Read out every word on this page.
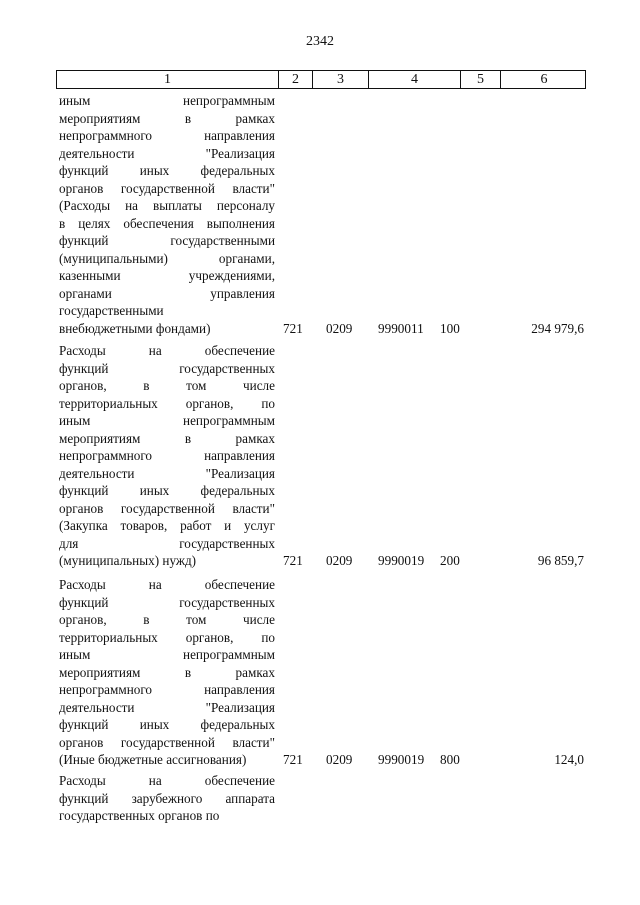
2342
1	2	3	4	5	6
иным непрограммным
мероприятиям в рамках
непрограммного направления
деятельности "Реализация
функций иных федеральных
органов государственной власти"
(Расходы на выплаты персоналу
в целях обеспечения выполнения
функций государственными
(муниципальными) органами,
казенными учреждениями,
органами управления
государственными
внебюджетными фондами)	721 0209 9990011 100	294 979,6
Расходы на обеспечение
функций государственных
органов, в том числе
территориальных органов, по
иным непрограммным
мероприятиям в рамках
непрограммного направления
деятельности "Реализация
функций иных федеральных
органов государственной власти"
(Закупка товаров, работ и услуг
для государственных
(муниципальных) нужд)	721 0209 9990019 200	96 859,7
Расходы на обеспечение
функций государственных
органов, в том числе
территориальных органов, по
иным непрограммным
мероприятиям в рамках
непрограммного направления
деятельности "Реализация
функций иных федеральных
органов государственной власти"
(Иные бюджетные ассигнования)	721 0209 9990019 800	124,0
Расходы на обеспечение
функций зарубежного аппарата
государственных органов по
